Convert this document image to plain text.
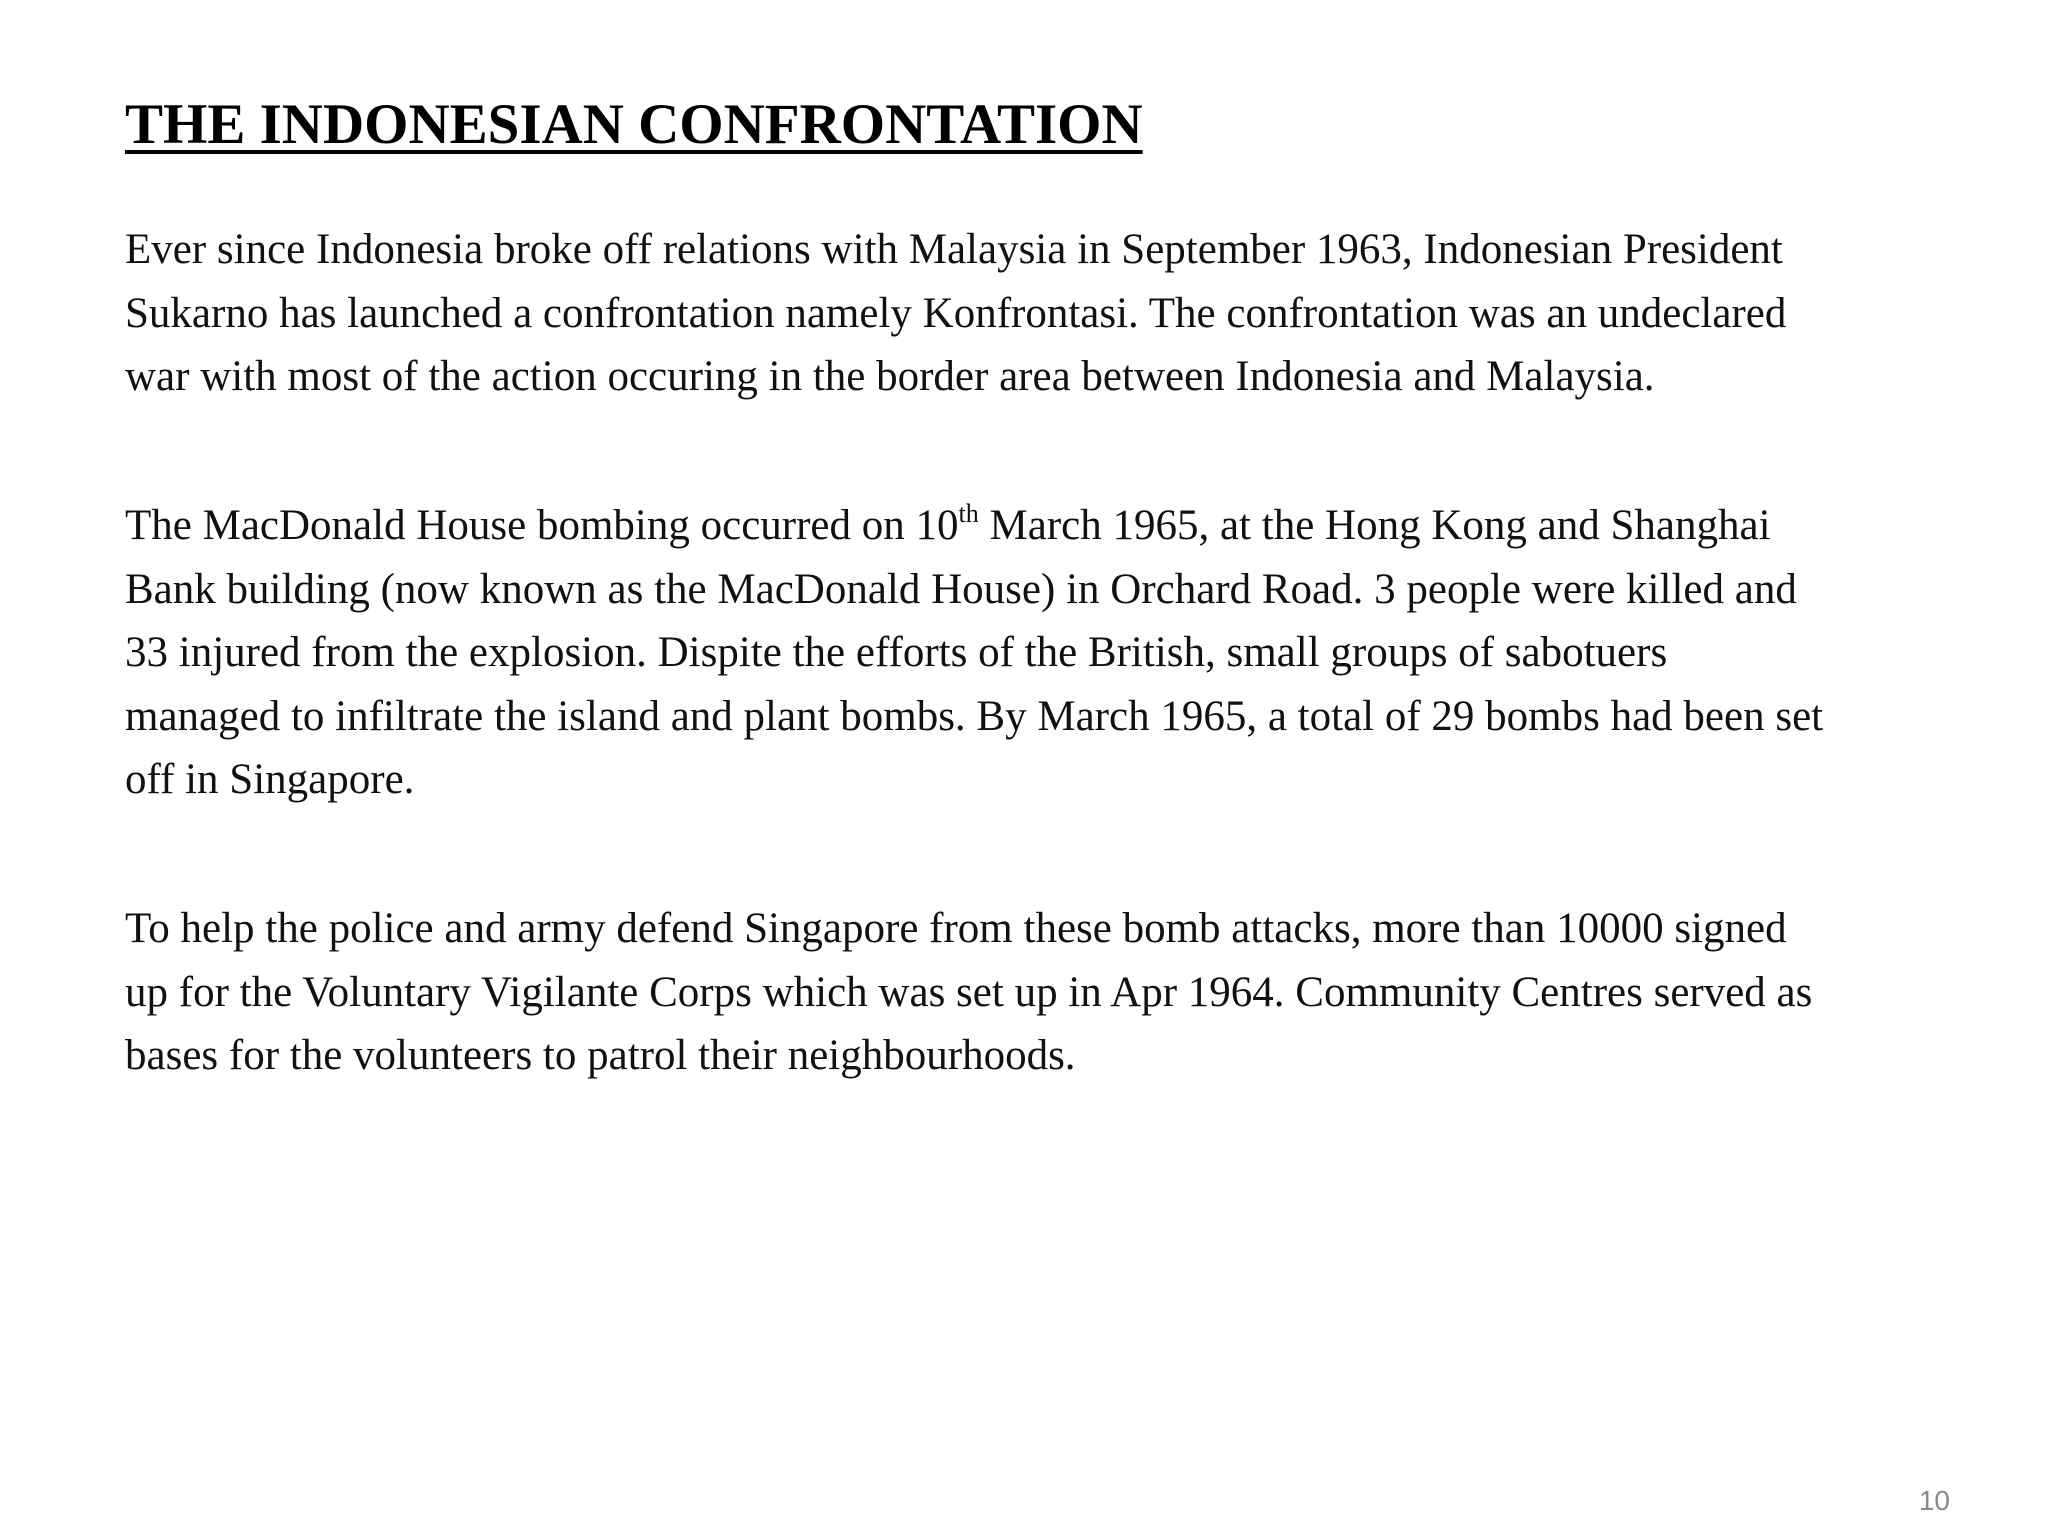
THE INDONESIAN CONFRONTATION

Ever since Indonesia broke off relations with Malaysia in September 1963, Indonesian President
Sukarno has launched a confrontation namely Konfrontasi. The confrontation was an undeclared
war with most of the action occuring in the border area between Indonesia and Malaysia.

The MacDonald House bombing occurred on 10th March 1965, at the Hong Kong and Shanghai
Bank building (now known as the MacDonald House) in Orchard Road. 3 people were killed and
33 injured from the explosion. Dispite the efforts of the British, small groups of sabotuers
managed to infiltrate the island and plant bombs. By March 1965, a total of 29 bombs had been set
off in Singapore.

To help the police and army defend Singapore from these bomb attacks, more than 10000 signed
up for the Voluntary Vigilante Corps which was set up in Apr 1964. Community Centres served as
bases for the volunteers to patrol their neighbourhoods.

10
